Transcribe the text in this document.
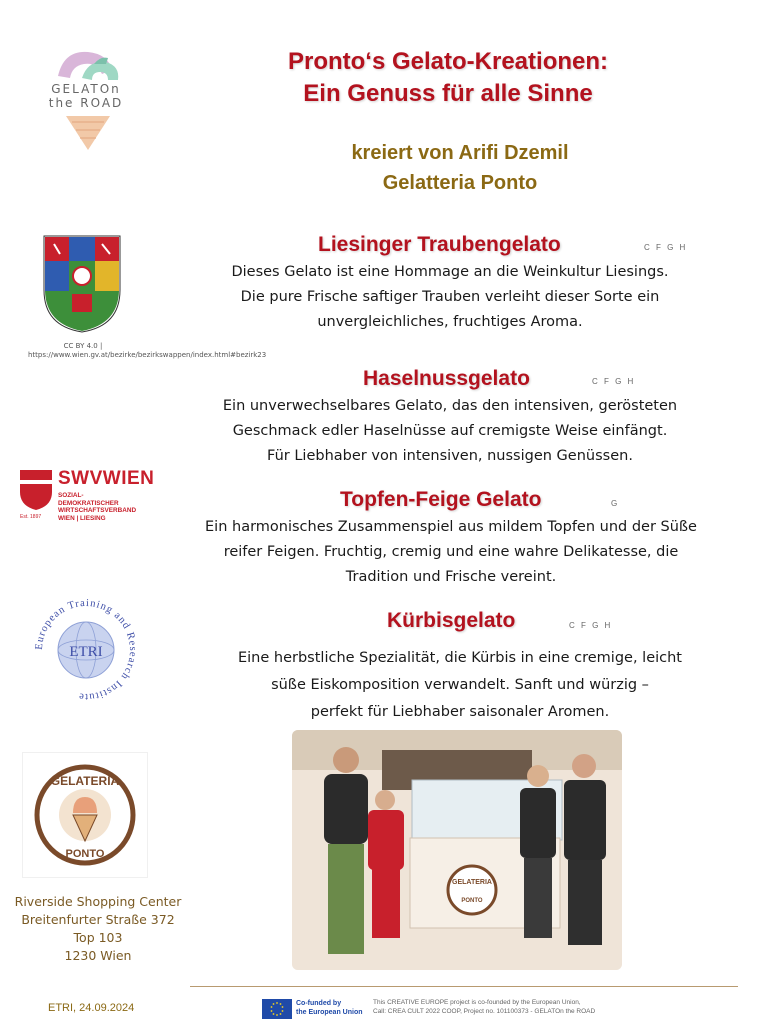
GELATOn the ROAD
CC BY 4.0 | https://www.wien.gv.at/bezirke/bezirkswappen/index.html#bezirk23
Est. 1897
SWVWIEN
SOZIAL-
DEMOKRATISCHER
WIRTSCHAFTSVERBAND
WIEN | LIESING
European Training and Research Institute
ETRI
GELATERIA
PONTO
Riverside Shopping Center
Breitenfurter Straße 372
Top 103
1230 Wien
Pronto‘s Gelato-Kreationen:
Ein Genuss für alle Sinne
kreiert von Arifi Dzemil
Gelatteria Ponto
Liesinger Traubengelato	C F G H
Dieses Gelato ist eine Hommage an die Weinkultur Liesings.
Die pure Frische saftiger Trauben verleiht dieser Sorte ein
unvergleichliches, fruchtiges Aroma.
Haselnussgelato	C F G H
Ein unverwechselbares Gelato, das den intensiven, gerösteten
Geschmack edler Haselnüsse auf cremigste Weise einfängt.
Für Liebhaber von intensiven, nussigen Genüssen.
Topfen-Feige Gelato	G
Ein harmonisches Zusammenspiel aus mildem Topfen und der Süße
reifer Feigen. Fruchtig, cremig und eine wahre Delikatesse, die
Tradition und Frische vereint.
Kürbisgelato	C F G H
Eine herbstliche Spezialität, die Kürbis in eine cremige, leicht
süße Eiskomposition verwandelt. Sanft und würzig –
perfekt für Liebhaber saisonaler Aromen.
GELATERIA
PONTO
ETRI, 24.09.2024	Co-funded by
the European Union
This CREATIVE EUROPE project is co-founded by the European Union,
Call: CREA CULT 2022 COOP, Project no. 101100373 - GELATOn the ROAD
